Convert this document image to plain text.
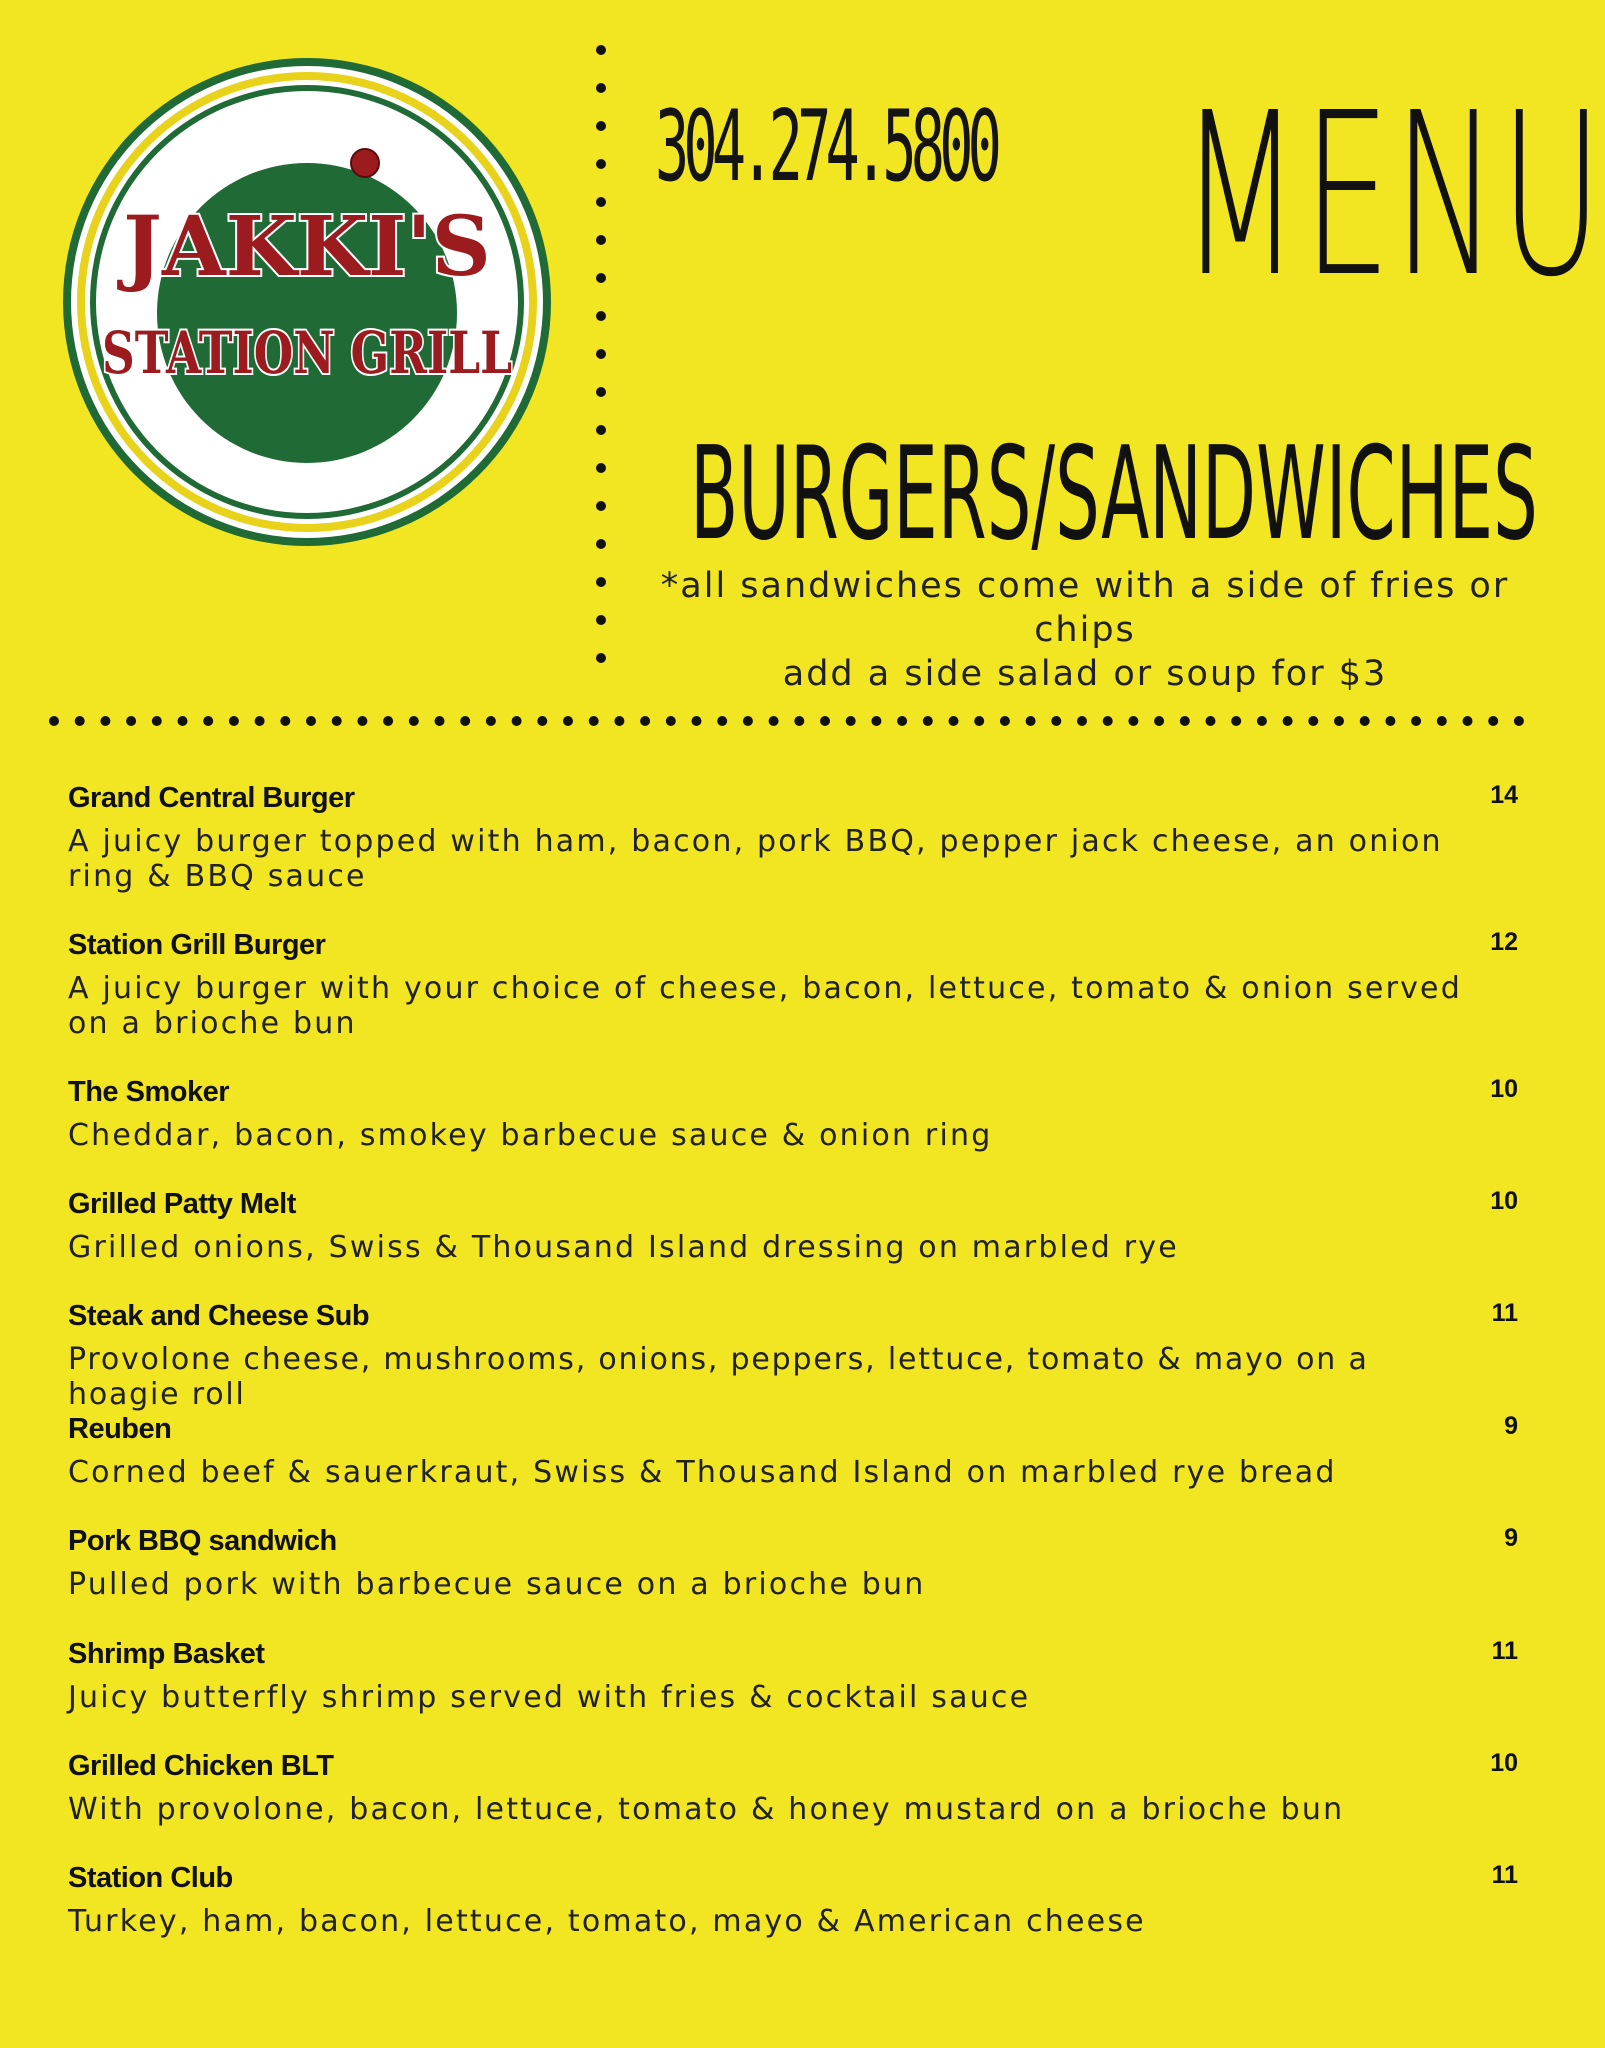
JAKKI'S
STATION GRILL
304.274.5800 MENU
BURGERS/SANDWICHES
*all sandwiches come with a side of fries or chips
add a side salad or soup for $3
Grand Central Burger	14
A juicy burger topped with ham, bacon, pork BBQ, pepper jack cheese, an onion ring & BBQ sauce
Station Grill Burger	12
A juicy burger with your choice of cheese, bacon, lettuce, tomato & onion served on a brioche bun
The Smoker	10
Cheddar, bacon, smokey barbecue sauce & onion ring
Grilled Patty Melt	10
Grilled onions, Swiss & Thousand Island dressing on marbled rye
Steak and Cheese Sub	11
Provolone cheese, mushrooms, onions, peppers, lettuce, tomato & mayo on a hoagie roll
Reuben	9
Corned beef & sauerkraut, Swiss & Thousand Island on marbled rye bread
Pork BBQ sandwich	9
Pulled pork with barbecue sauce on a brioche bun
Shrimp Basket	11
Juicy butterfly shrimp served with fries & cocktail sauce
Grilled Chicken BLT	10
With provolone, bacon, lettuce, tomato & honey mustard on a brioche bun
Station Club	11
Turkey, ham, bacon, lettuce, tomato, mayo & American cheese
